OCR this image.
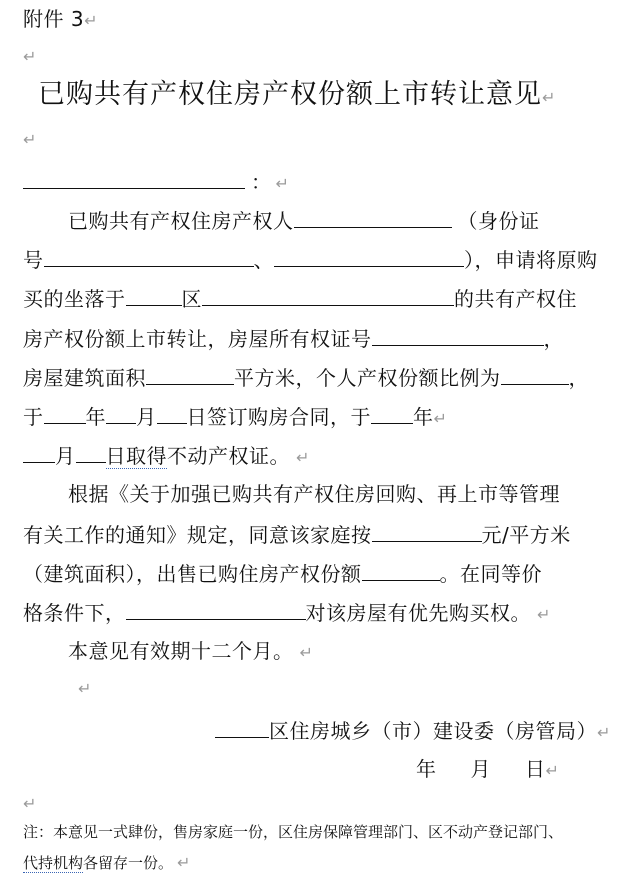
附件 3↵
↵
已购共有产权住房产权份额上市转让意见↵
↵
： ↵
已购共有产权住房产权人	（身份证
号	、	），申请将原购
买的坐落于	区	的共有产权住
房产权份额上市转让，房屋所有权证号	，
房屋建筑面积	平方米，个人产权份额比例为	，
于 年 月 日签订购房合同，于 年↵
月 日取得不动产权证。 ↵
根据《关于加强已购共有产权住房回购、再上市等管理
有关工作的通知》规定，同意该家庭按	元/平方米
（建筑面积），出售已购住房产权份额	。在同等价
格条件下，	对该房屋有优先购买权。 ↵
本意见有效期十二个月。 ↵
↵
区住房城乡（市）建设委（房管局）↵
年 月 日↵
↵
注：本意见一式肆份，售房家庭一份，区住房保障管理部门、区不动产登记部门、
代持机构各留存一份。 ↵
